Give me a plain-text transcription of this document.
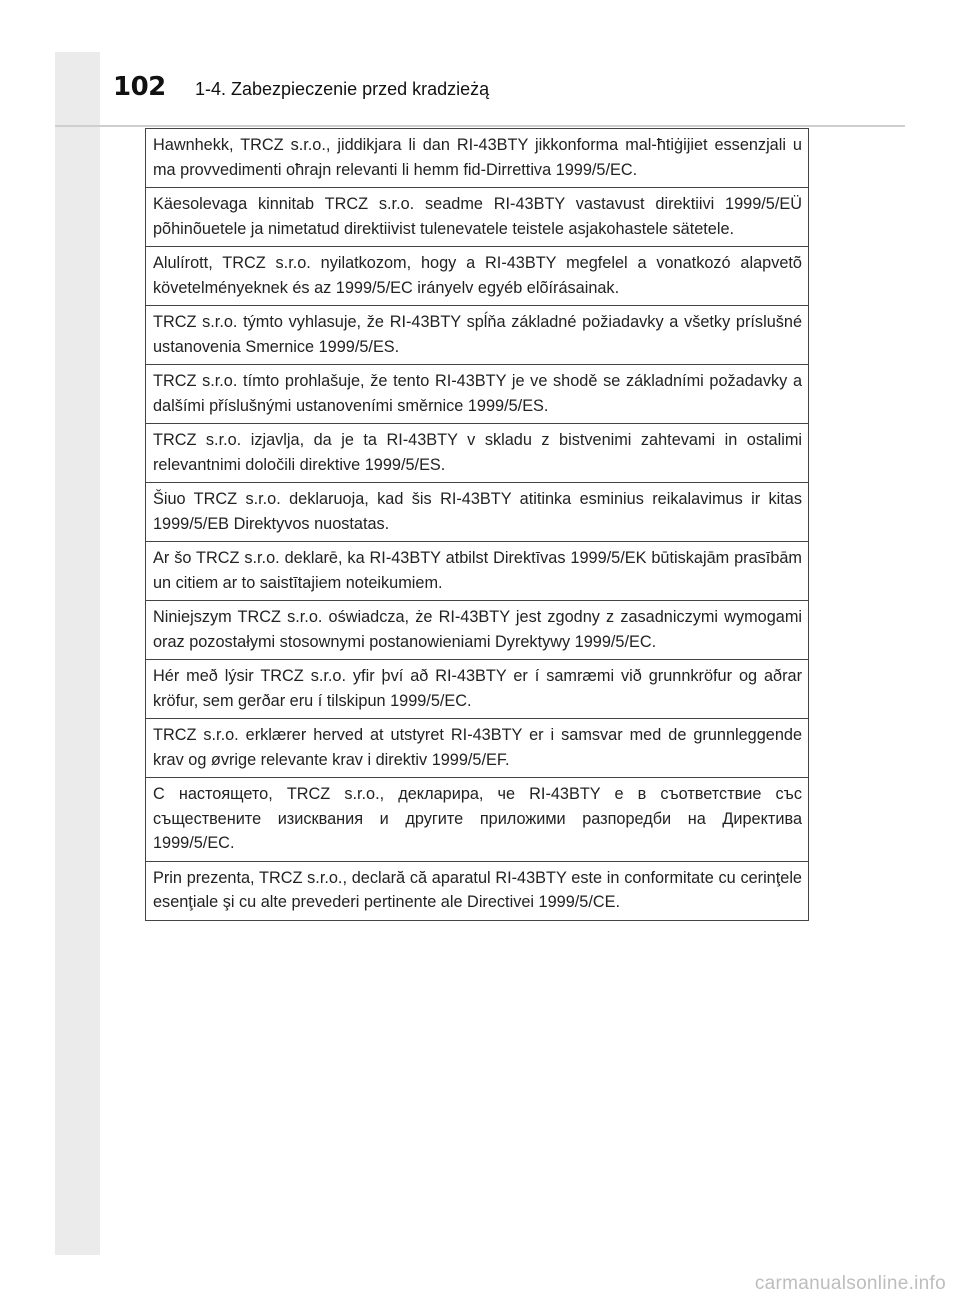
102 1-4. Zabezpieczenie przed kradzieżą
Hawnhekk, TRCZ s.r.o., jiddikjara li dan RI-43BTY jikkonforma mal-ħtiġijiet essenzjali u ma provvedimenti oħrajn relevanti li hemm fid-Dirrettiva 1999/5/EC.
Käesolevaga kinnitab TRCZ s.r.o. seadme RI-43BTY vastavust direktiivi 1999/5/EÜ põhinõuetele ja nimetatud direktiivist tulenevatele teistele asjakohastele sätetele.
Alulírott, TRCZ s.r.o. nyilatkozom, hogy a RI-43BTY megfelel a vonatkozó alapvetõ követelményeknek és az 1999/5/EC irányelv egyéb elõírásainak.
TRCZ s.r.o. týmto vyhlasuje, že RI-43BTY spĺňa základné požiadavky a všetky príslušné ustanovenia Smernice 1999/5/ES.
TRCZ s.r.o. tímto prohlašuje, že tento RI-43BTY je ve shodě se základními požadavky a dalšími příslušnými ustanoveními směrnice 1999/5/ES.
TRCZ s.r.o. izjavlja, da je ta RI-43BTY v skladu z bistvenimi zahtevami in ostalimi relevantnimi določili direktive 1999/5/ES.
Šiuo TRCZ s.r.o. deklaruoja, kad šis RI-43BTY atitinka esminius reikalavimus ir kitas 1999/5/EB Direktyvos nuostatas.
Ar šo TRCZ s.r.o. deklarē, ka RI-43BTY atbilst Direktīvas 1999/5/EK būtiskajām prasībām un citiem ar to saistītajiem noteikumiem.
Niniejszym TRCZ s.r.o. oświadcza, że RI-43BTY jest zgodny z zasadniczymi wymogami oraz pozostałymi stosownymi postanowieniami Dyrektywy 1999/5/EC.
Hér með lýsir TRCZ s.r.o. yfir því að RI-43BTY er í samræmi við grunnkröfur og aðrar kröfur, sem gerðar eru í tilskipun 1999/5/EC.
TRCZ s.r.o. erklærer herved at utstyret RI-43BTY er i samsvar med de grunnleggende krav og øvrige relevante krav i direktiv 1999/5/EF.
С настоящето, TRCZ s.r.o., декларира, че RI-43BTY е в съответствие със съществените изисквания и другите приложими разпоредби на Директива 1999/5/EC.
Prin prezenta, TRCZ s.r.o., declară că aparatul RI-43BTY este in conformitate cu cerinţele esenţiale şi cu alte prevederi pertinente ale Directivei 1999/5/CE.
carmanualsonline.info
